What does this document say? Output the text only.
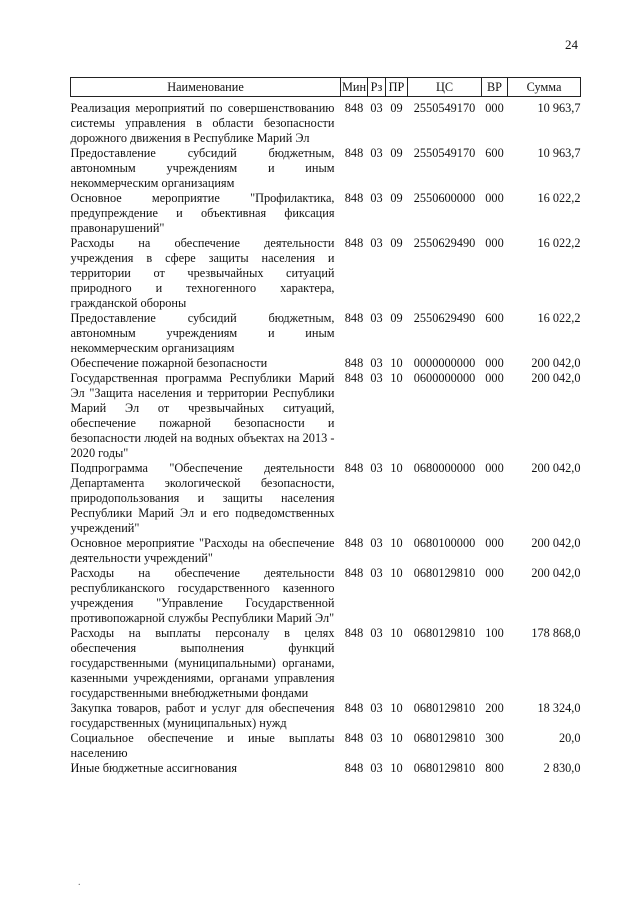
24
Наименование	Мин	Рз	ПР	ЦС	ВР	Сумма
Реализация мероприятий по совершенствованию системы управления в области безопасности дорожного движения в Республике Марий Эл	848	03	09	2550549170	000	10 963,7
Предоставление субсидий бюджетным, автономным учреждениям и иным некоммерческим организациям	848	03	09	2550549170	600	10 963,7
Основное мероприятие "Профилактика, предупреждение и объективная фиксация правонарушений"	848	03	09	2550600000	000	16 022,2
Расходы на обеспечение деятельности учреждения в сфере защиты населения и территории от чрезвычайных ситуаций природного и техногенного характера, гражданской обороны	848	03	09	2550629490	000	16 022,2
Предоставление субсидий бюджетным, автономным учреждениям и иным некоммерческим организациям	848	03	09	2550629490	600	16 022,2
Обеспечение пожарной безопасности	848	03	10	0000000000	000	200 042,0
Государственная программа Республики Марий Эл "Защита населения и территории Республики Марий Эл от чрезвычайных ситуаций, обеспечение пожарной безопасности и безопасности людей на водных объектах на 2013 - 2020 годы"	848	03	10	0600000000	000	200 042,0
Подпрограмма "Обеспечение деятельности Департамента экологической безопасности, природопользования и защиты населения Республики Марий Эл и его подведомственных учреждений"	848	03	10	0680000000	000	200 042,0
Основное мероприятие "Расходы на обеспечение деятельности учреждений"	848	03	10	0680100000	000	200 042,0
Расходы на обеспечение деятельности республиканского государственного казенного учреждения "Управление Государственной противопожарной службы Республики Марий Эл"	848	03	10	0680129810	000	200 042,0
Расходы на выплаты персоналу в целях обеспечения выполнения функций государственными (муниципальными) органами, казенными учреждениями, органами управления государственными внебюджетными фондами	848	03	10	0680129810	100	178 868,0
Закупка товаров, работ и услуг для обеспечения государственных (муниципальных) нужд	848	03	10	0680129810	200	18 324,0
Социальное обеспечение и иные выплаты населению	848	03	10	0680129810	300	20,0
Иные бюджетные ассигнования	848	03	10	0680129810	800	2 830,0
.
